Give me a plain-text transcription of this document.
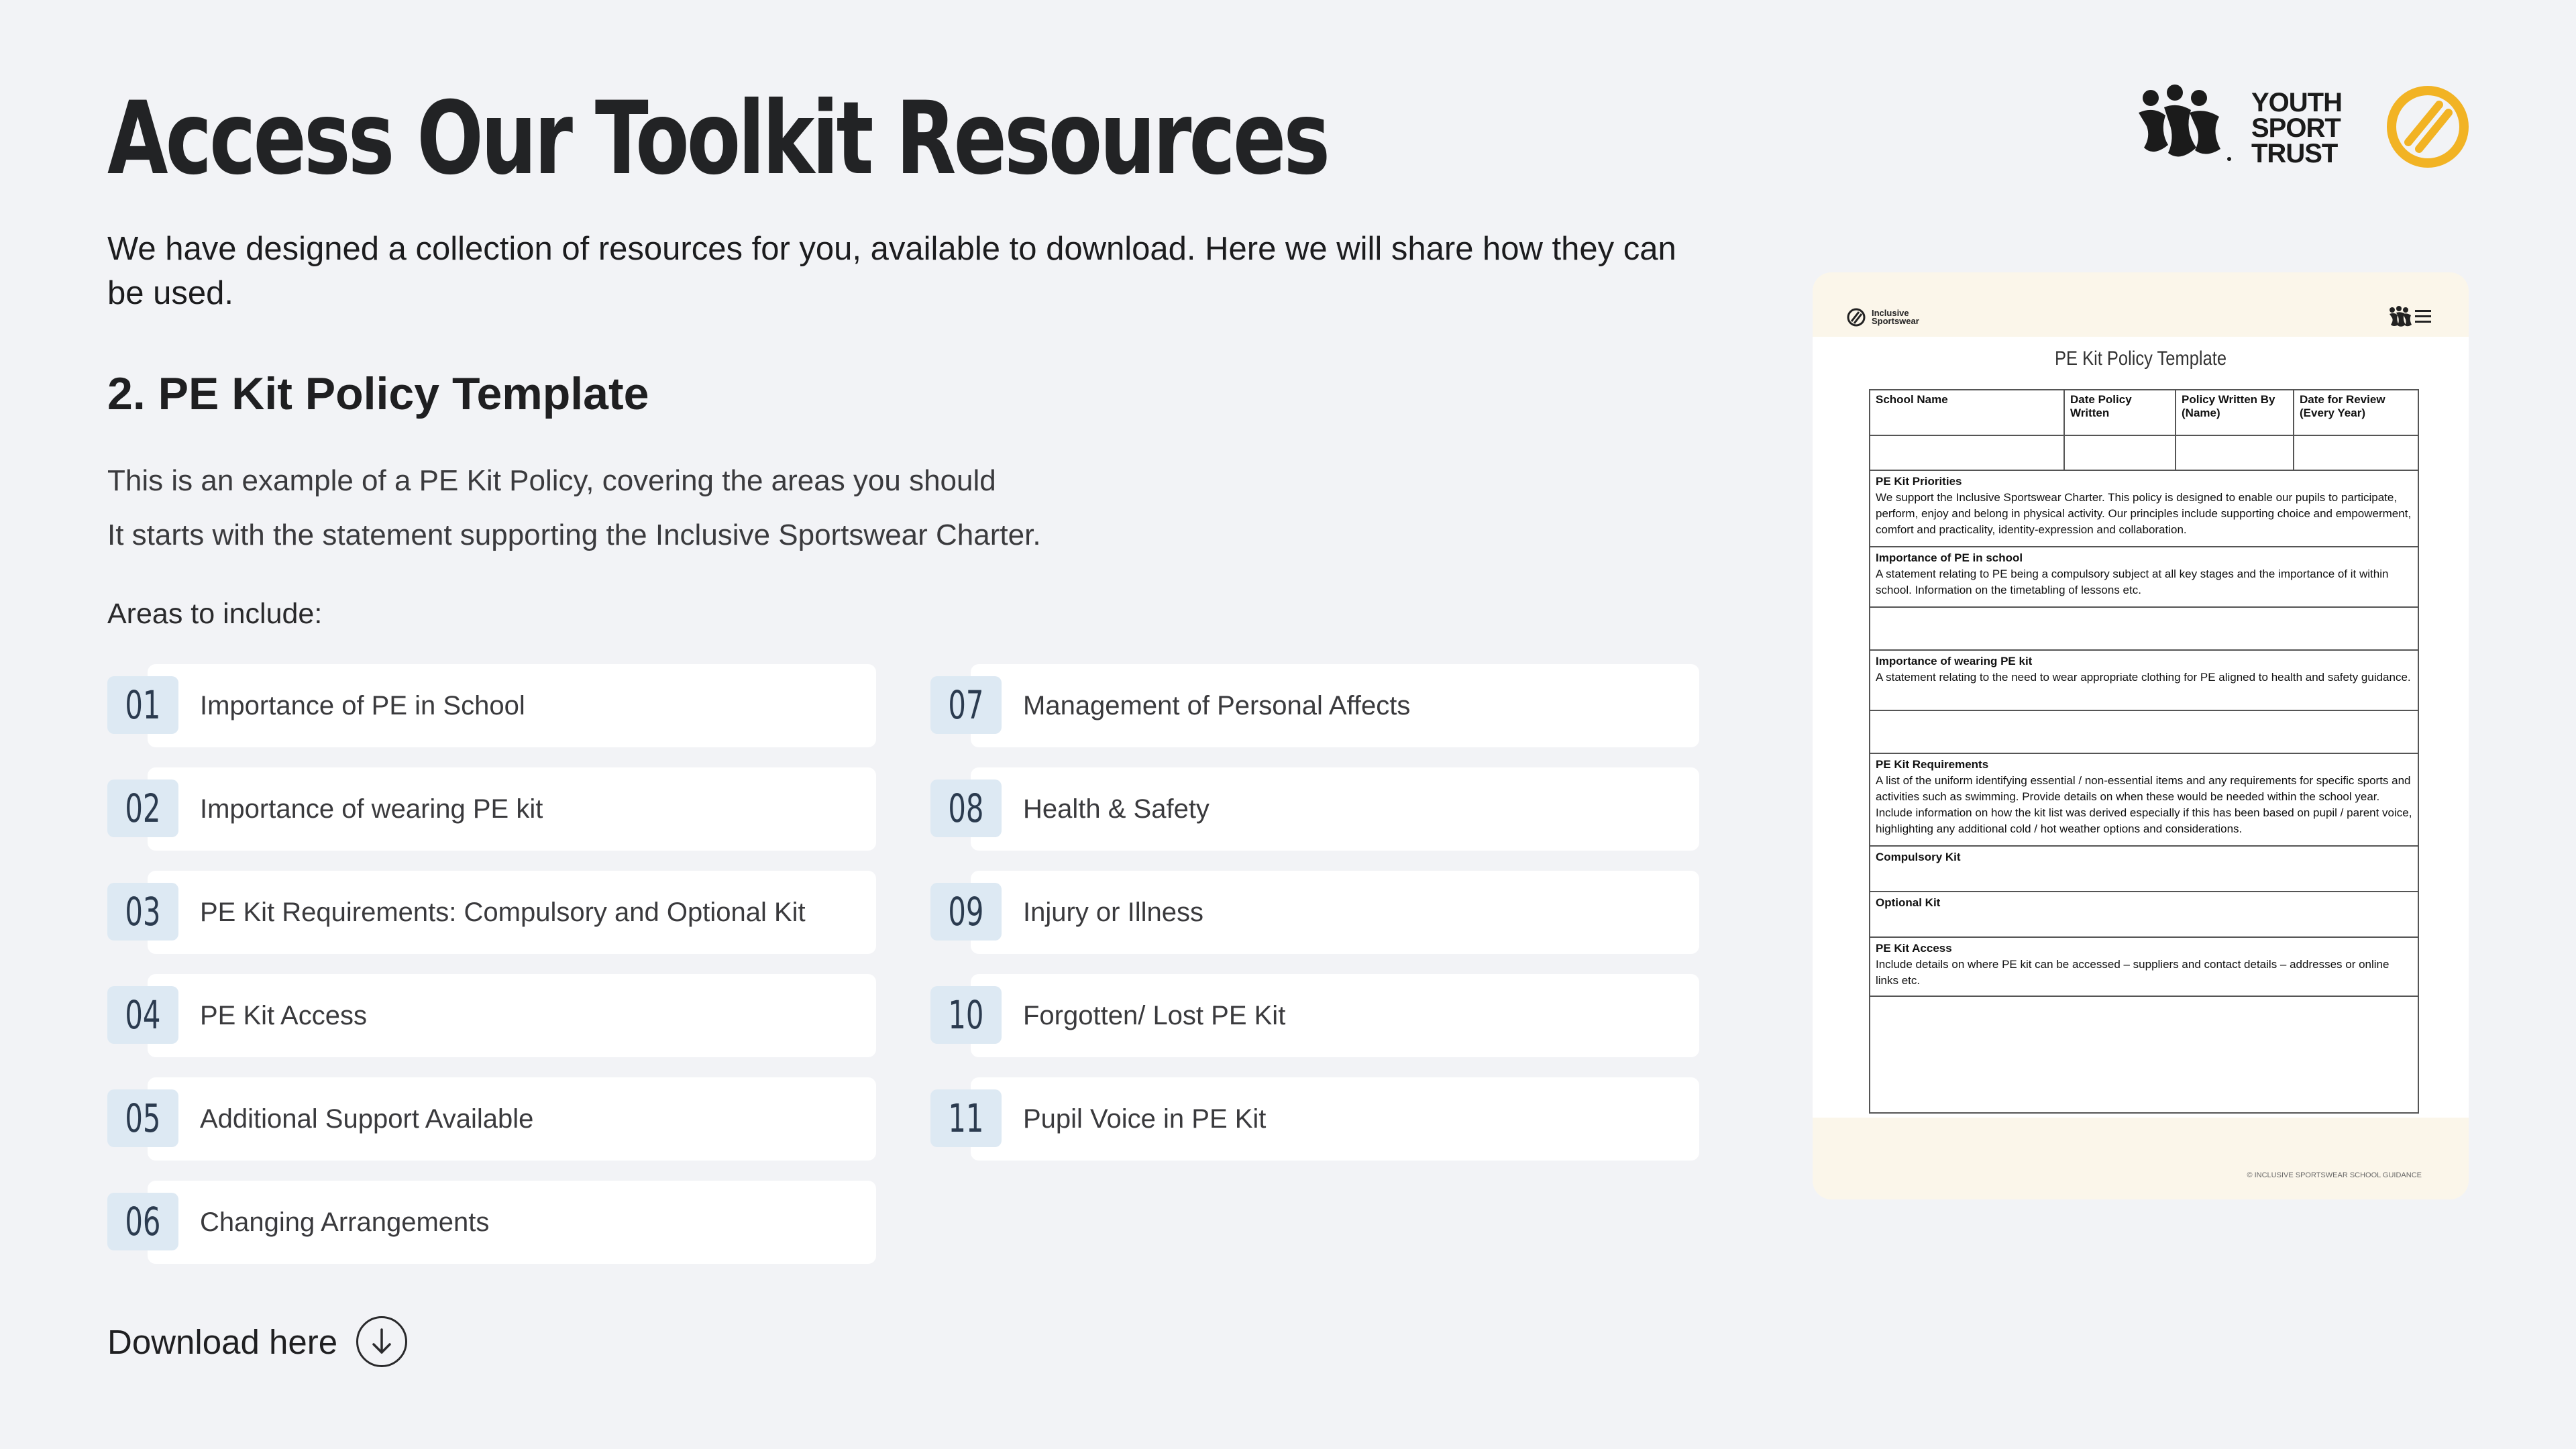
Access Our Toolkit Resources

We have designed a collection of resources for you, available to download. Here we will share how they can be used.

2. PE Kit Policy Template
This is an example of a PE Kit Policy, covering the areas you should
It starts with the statement supporting the Inclusive Sportswear Charter.
Areas to include:
01 Importance of PE in School
02 Importance of wearing PE kit
03 PE Kit Requirements: Compulsory and Optional Kit
04 PE Kit Access
05 Additional Support Available
06 Changing Arrangements
07 Management of Personal Affects
08 Health & Safety
09 Injury or Illness
10 Forgotten/ Lost PE Kit
11 Pupil Voice in PE Kit
Download here
YOUTH
SPORT
TRUST
Inclusive
Sportswear
PE Kit Policy Template
School Name	Date Policy Written
Policy Written By (Name)
Date for Review (Every Year)
PE Kit Priorities
We support the Inclusive Sportswear Charter. This policy is designed to enable our pupils to participate, perform, enjoy and belong in physical activity. Our principles include supporting choice and empowerment, comfort and practicality, identity-expression and collaboration.
Importance of PE in school
A statement relating to PE being a compulsory subject at all key stages and the importance of it within school. Information on the timetabling of lessons etc.
Importance of wearing PE kit
A statement relating to the need to wear appropriate clothing for PE aligned to health and safety guidance.
PE Kit Requirements
A list of the uniform identifying essential / non-essential items and any requirements for specific sports and activities such as swimming. Provide details on when these would be needed within the school year. Include information on how the kit list was derived especially if this has been based on pupil / parent voice, highlighting any additional cold / hot weather options and considerations.
Compulsory Kit
Optional Kit
PE Kit Access
Include details on where PE kit can be accessed – suppliers and contact details – addresses or online links etc.
© INCLUSIVE SPORTSWEAR SCHOOL GUIDANCE
